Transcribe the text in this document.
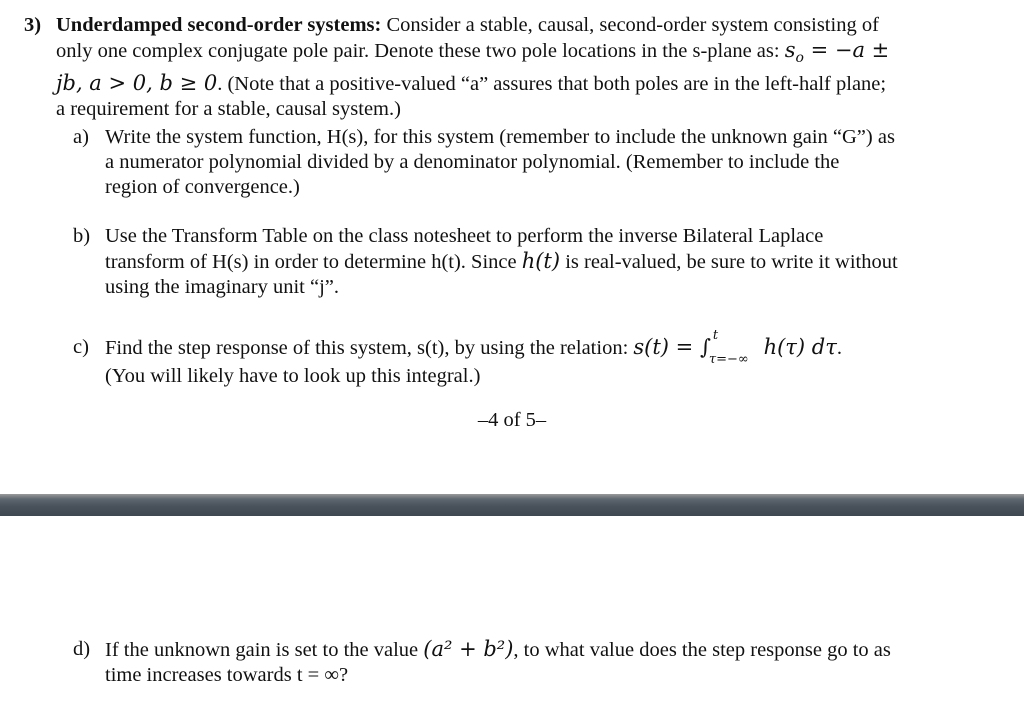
3) Underdamped second-order systems: Consider a stable, causal, second-order system consisting of
only one complex conjugate pole pair. Denote these two pole locations in the s-plane as: $s_o = -a$ ±
jb, a > 0, b ≥ 0. (Note that a positive-valued “a” assures that both poles are in the left-half plane;
a requirement for a stable, causal system.)
a) Write the system function, H(s), for this system (remember to include the unknown gain “G”) as
a numerator polynomial divided by a denominator polynomial. (Remember to include the
region of convergence.)
b) Use the Transform Table on the class notesheet to perform the inverse Bilateral Laplace
transform of H(s) in order to determine h(t). Since h(t) is real-valued, be sure to write it without
using the imaginary unit “j”.
c) Find the step response of this system, s(t), by using the relation: s(t) = ∫ t
τ=−∞
h(τ) dτ.
(You will likely have to look up this integral.)
–4 of 5–
d) If the unknown gain is set to the value (a² + b²), to what value does the step response go to as
time increases towards t = ∞?
